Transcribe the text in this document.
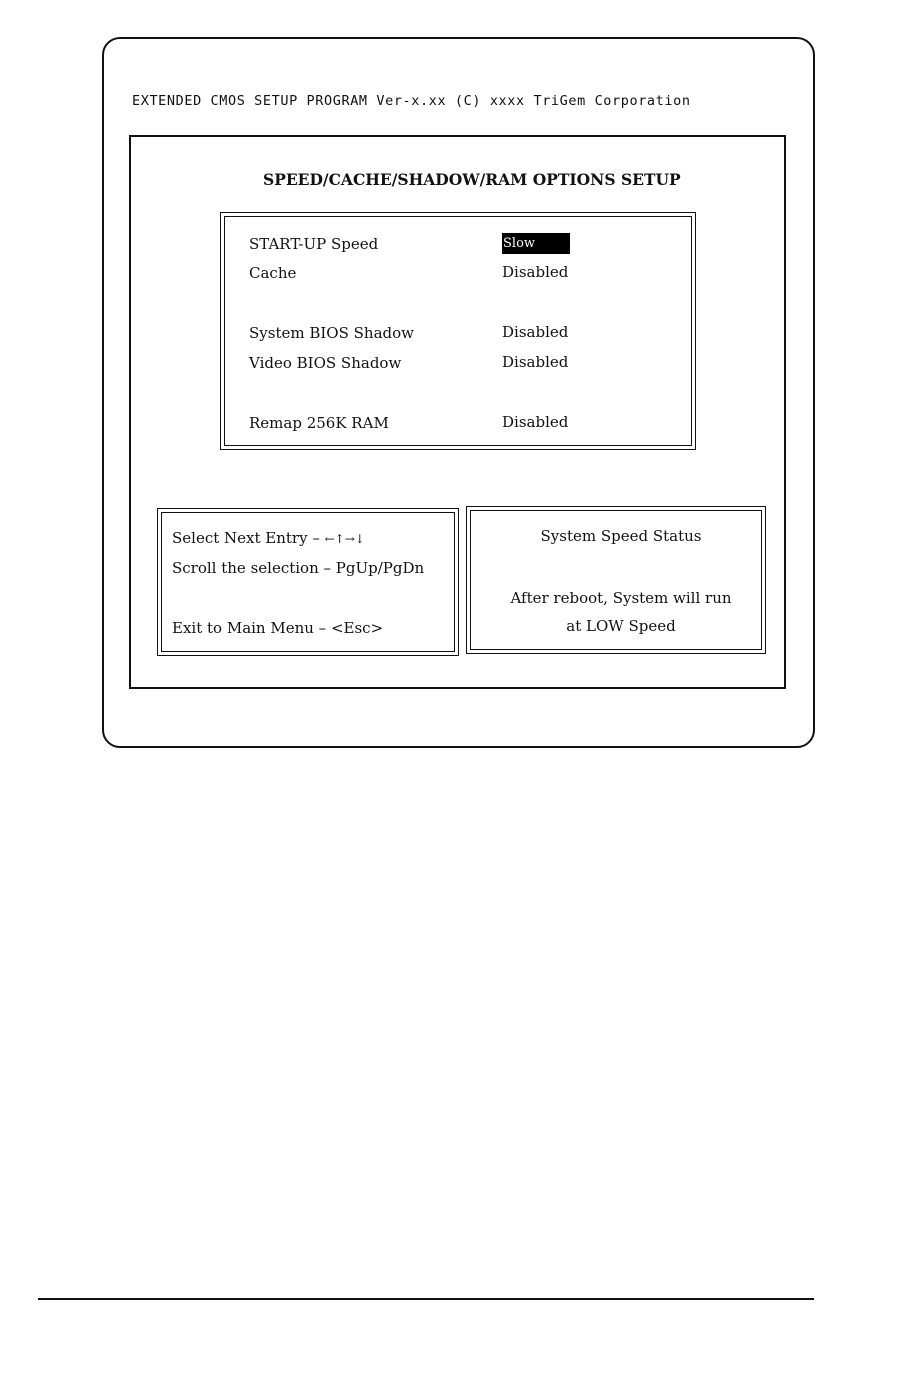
EXTENDED CMOS SETUP PROGRAM Ver-x.xx (C) xxxx TriGem Corporation
SPEED/CACHE/SHADOW/RAM OPTIONS SETUP
START-UP Speed	Slow
Cache	Disabled
System BIOS Shadow	Disabled
Video BIOS Shadow	Disabled
Remap 256K RAM	Disabled
Select Next Entry – ←↑→↓
Scroll the selection – PgUp/PgDn
Exit to Main Menu – <Esc>
System Speed Status
After reboot, System will run
at LOW Speed
